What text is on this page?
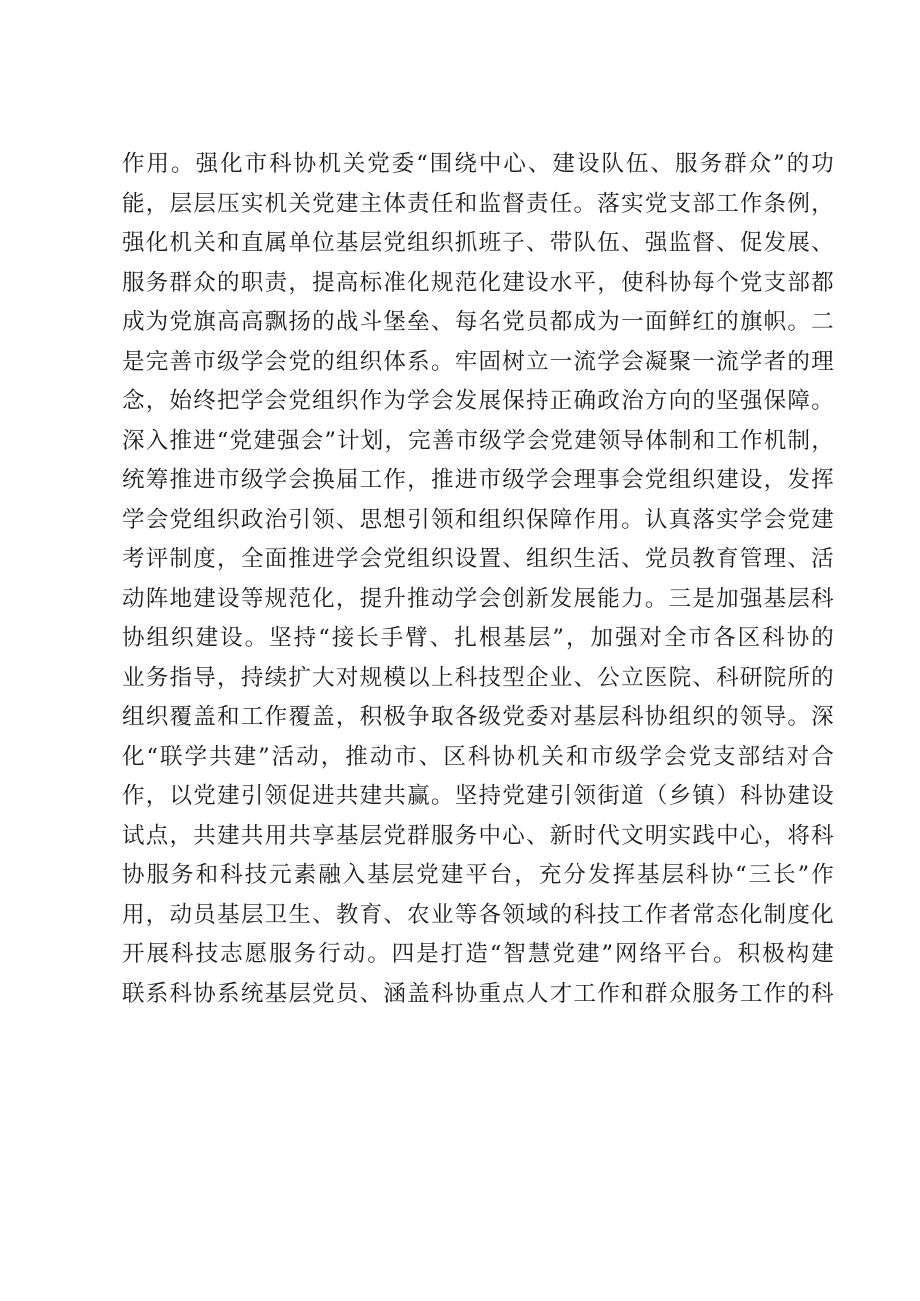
作用。强化市科协机关党委“围绕中心、建设队伍、服务群众”的功
能，层层压实机关党建主体责任和监督责任。落实党支部工作条例，
强化机关和直属单位基层党组织抓班子、带队伍、强监督、促发展、
服务群众的职责，提高标准化规范化建设水平，使科协每个党支部都
成为党旗高高飘扬的战斗堡垒、每名党员都成为一面鲜红的旗帜。二
是完善市级学会党的组织体系。牢固树立一流学会凝聚一流学者的理
念，始终把学会党组织作为学会发展保持正确政治方向的坚强保障。
深入推进“党建强会”计划，完善市级学会党建领导体制和工作机制，
统筹推进市级学会换届工作，推进市级学会理事会党组织建设，发挥
学会党组织政治引领、思想引领和组织保障作用。认真落实学会党建
考评制度，全面推进学会党组织设置、组织生活、党员教育管理、活
动阵地建设等规范化，提升推动学会创新发展能力。三是加强基层科
协组织建设。坚持“接长手臂、扎根基层”，加强对全市各区科协的
业务指导，持续扩大对规模以上科技型企业、公立医院、科研院所的
组织覆盖和工作覆盖，积极争取各级党委对基层科协组织的领导。深
化“联学共建”活动，推动市、区科协机关和市级学会党支部结对合
作，以党建引领促进共建共赢。坚持党建引领街道（乡镇）科协建设
试点，共建共用共享基层党群服务中心、新时代文明实践中心，将科
协服务和科技元素融入基层党建平台，充分发挥基层科协“三长”作
用，动员基层卫生、教育、农业等各领域的科技工作者常态化制度化
开展科技志愿服务行动。四是打造“智慧党建”网络平台。积极构建
联系科协系统基层党员、涵盖科协重点人才工作和群众服务工作的科
